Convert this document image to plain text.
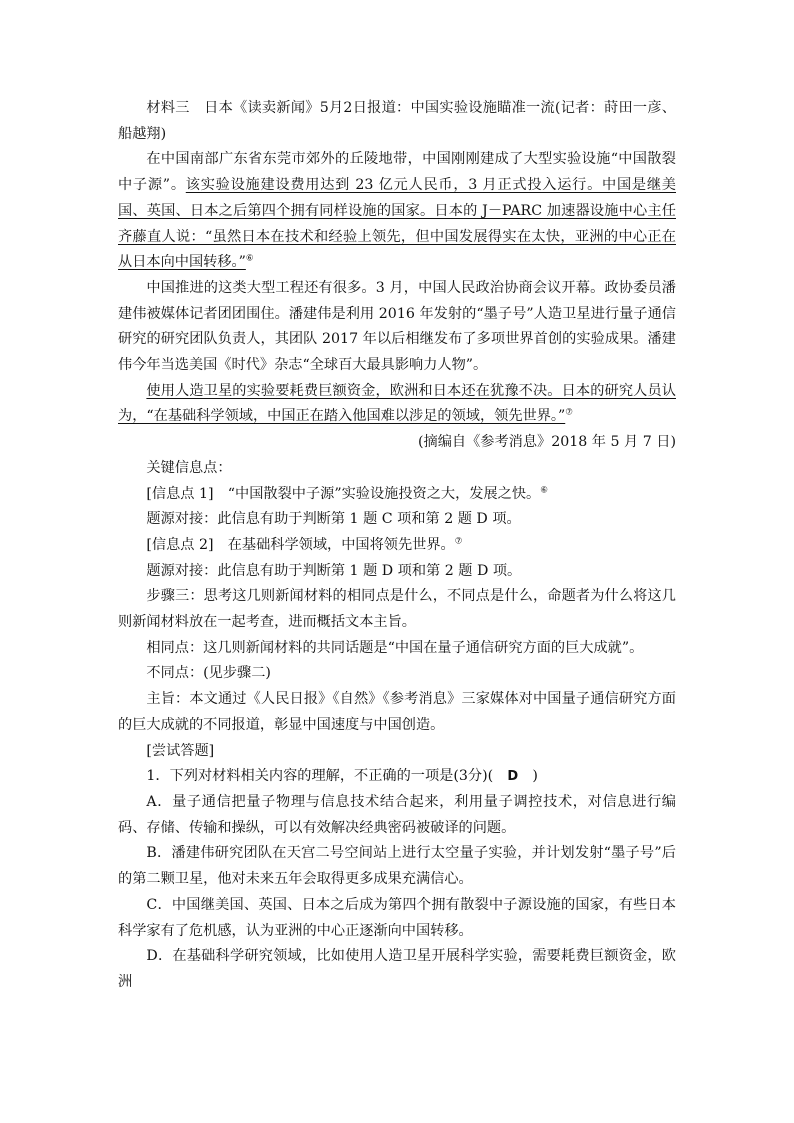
材料三　日本《读卖新闻》5月2日报道：中国实验设施瞄准一流(记者：莳田一彦、船越翔)

在中国南部广东省东莞市郊外的丘陵地带，中国刚刚建成了大型实验设施“中国散裂中子源”。该实验设施建设费用达到 23 亿元人民币，3 月正式投入运行。中国是继美国、英国、日本之后第四个拥有同样设施的国家。日本的 J－PARC 加速器设施中心主任齐藤直人说：“虽然日本在技术和经验上领先，但中国发展得实在太快，亚洲的中心正在从日本向中国转移。”⑥

中国推进的这类大型工程还有很多。3 月，中国人民政治协商会议开幕。政协委员潘建伟被媒体记者团团围住。潘建伟是利用 2016 年发射的“墨子号”人造卫星进行量子通信研究的研究团队负责人，其团队 2017 年以后相继发布了多项世界首创的实验成果。潘建伟今年当选美国《时代》杂志“全球百大最具影响力人物”。

使用人造卫星的实验要耗费巨额资金，欧洲和日本还在犹豫不决。日本的研究人员认为，“在基础科学领域，中国正在踏入他国难以涉足的领域，领先世界。”⑦

(摘编自《参考消息》2018 年 5 月 7 日)

关键信息点：

[信息点 1]　“中国散裂中子源”实验设施投资之大，发展之快。⑥

题源对接：此信息有助于判断第 1 题 C 项和第 2 题 D 项。

[信息点 2]　在基础科学领域，中国将领先世界。⑦

题源对接：此信息有助于判断第 1 题 D 项和第 2 题 D 项。

步骤三：思考这几则新闻材料的相同点是什么，不同点是什么，命题者为什么将这几则新闻材料放在一起考查，进而概括文本主旨。

相同点：这几则新闻材料的共同话题是“中国在量子通信研究方面的巨大成就”。

不同点：(见步骤二)

主旨：本文通过《人民日报》《自然》《参考消息》三家媒体对中国量子通信研究方面的巨大成就的不同报道，彰显中国速度与中国创造。

[尝试答题]

1．下列对材料相关内容的理解，不正确的一项是(3分)(　D　)

A．量子通信把量子物理与信息技术结合起来，利用量子调控技术，对信息进行编码、存储、传输和操纵，可以有效解决经典密码被破译的问题。

B．潘建伟研究团队在天宫二号空间站上进行太空量子实验，并计划发射“墨子号”后的第二颗卫星，他对未来五年会取得更多成果充满信心。

C．中国继美国、英国、日本之后成为第四个拥有散裂中子源设施的国家，有些日本科学家有了危机感，认为亚洲的中心正逐渐向中国转移。

D．在基础科学研究领域，比如使用人造卫星开展科学实验，需要耗费巨额资金，欧洲
